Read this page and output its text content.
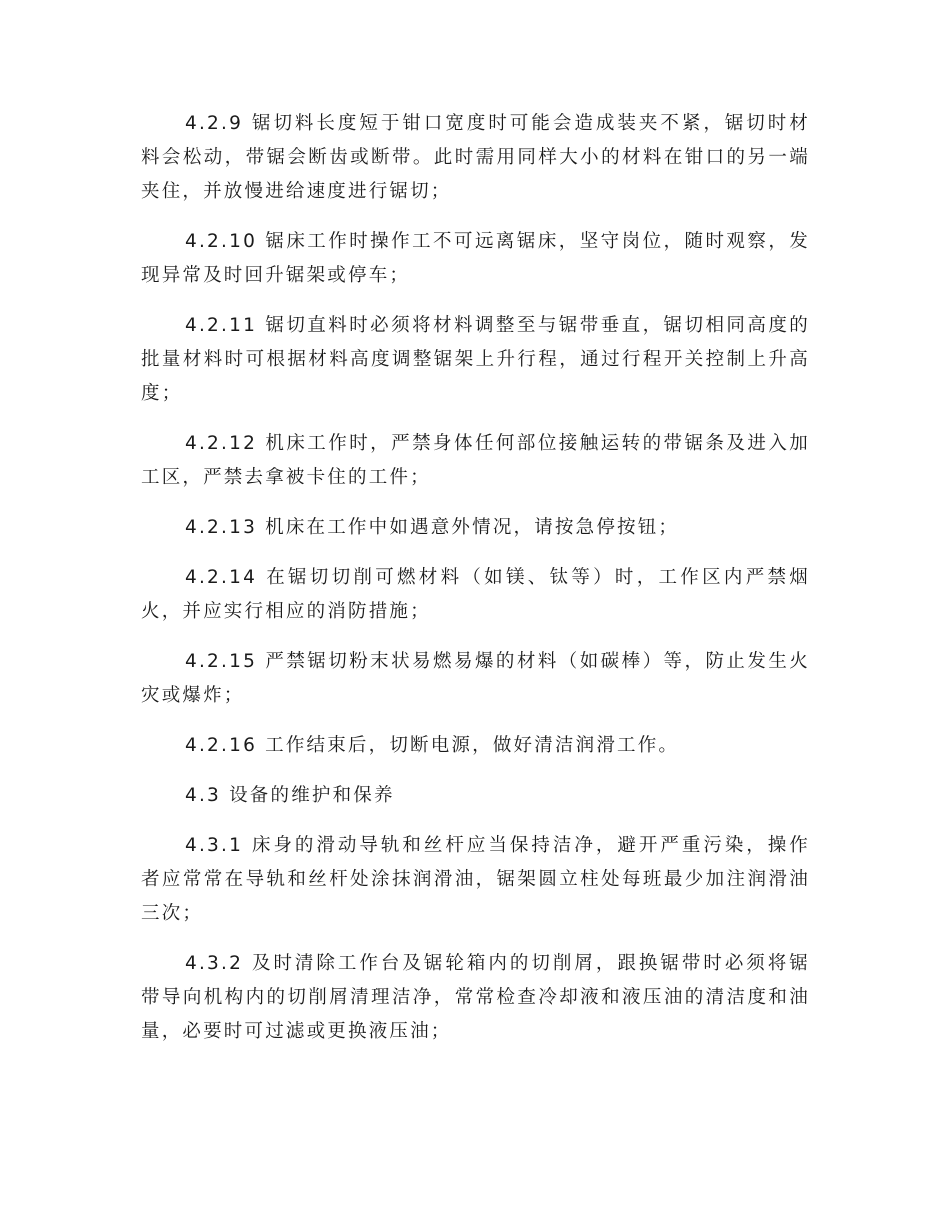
4.2.9 锯切料长度短于钳口宽度时可能会造成装夹不紧，锯切时材料会松动，带锯会断齿或断带。此时需用同样大小的材料在钳口的另一端夹住，并放慢进给速度进行锯切；

4.2.10 锯床工作时操作工不可远离锯床，坚守岗位，随时观察，发现异常及时回升锯架或停车；

4.2.11 锯切直料时必须将材料调整至与锯带垂直，锯切相同高度的批量材料时可根据材料高度调整锯架上升行程，通过行程开关控制上升高度；

4.2.12 机床工作时，严禁身体任何部位接触运转的带锯条及进入加工区，严禁去拿被卡住的工件；

4.2.13 机床在工作中如遇意外情况，请按急停按钮；

4.2.14 在锯切切削可燃材料（如镁、钛等）时，工作区内严禁烟火，并应实行相应的消防措施；

4.2.15 严禁锯切粉末状易燃易爆的材料（如碳棒）等，防止发生火灾或爆炸；

4.2.16 工作结束后，切断电源，做好清洁润滑工作。

4.3 设备的维护和保养

4.3.1 床身的滑动导轨和丝杆应当保持洁净，避开严重污染，操作者应常常在导轨和丝杆处涂抹润滑油，锯架圆立柱处每班最少加注润滑油三次；

4.3.2 及时清除工作台及锯轮箱内的切削屑，跟换锯带时必须将锯带导向机构内的切削屑清理洁净，常常检查冷却液和液压油的清洁度和油量，必要时可过滤或更换液压油；
